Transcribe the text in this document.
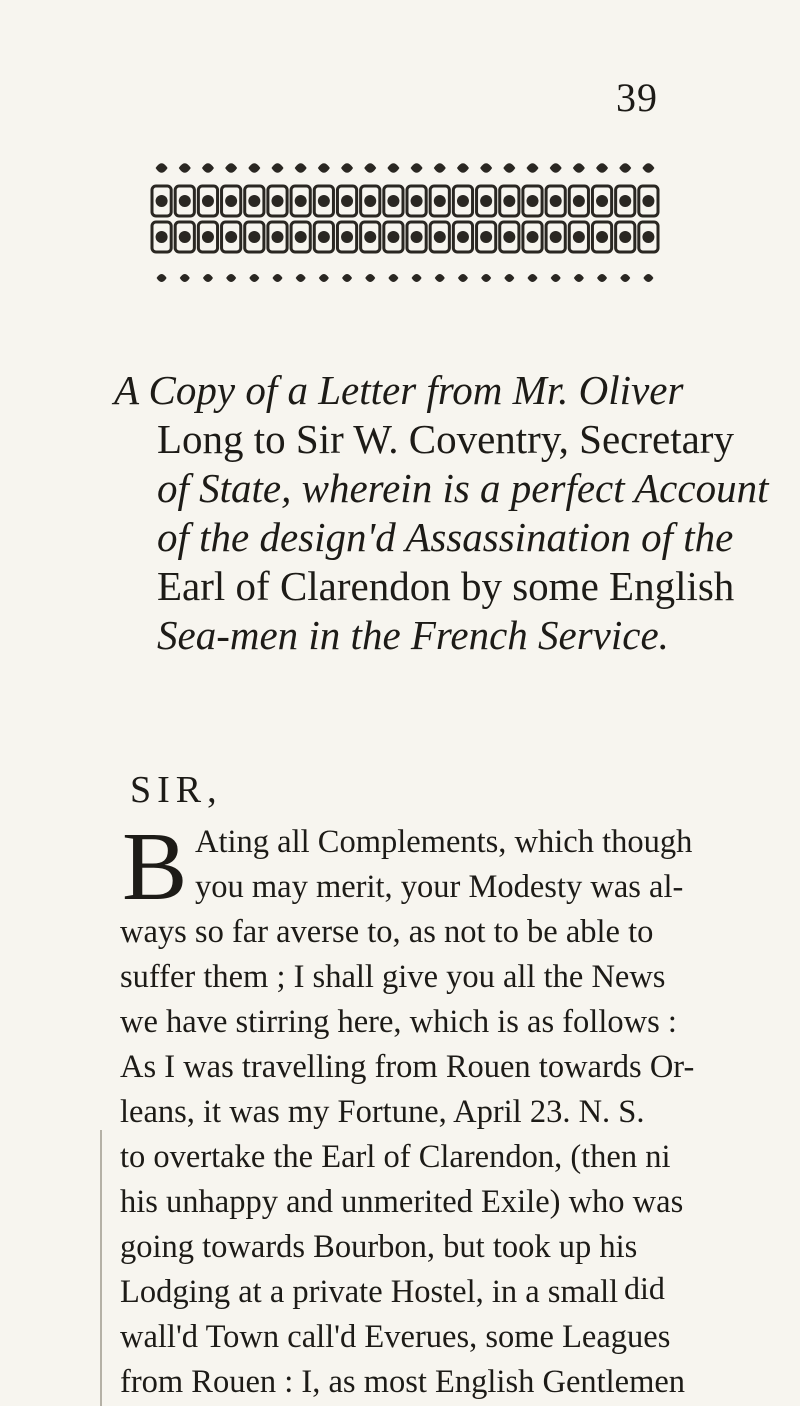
39
A Copy of a Letter from Mr. Oliver
Long to Sir W. Coventry, Secretary
of State, wherein is a perfect Account
of the design'd Assassination of the
Earl of Clarendon by some English
Sea-men in the French Service.
SIR,
B Ating all Complements, which though
you may merit, your Modesty was al-
ways so far averse to, as not to be able to
suffer them ; I shall give you all the News
we have stirring here, which is as follows :
As I was travelling from Rouen towards Or-
leans, it was my Fortune, April 23. N. S.
to overtake the Earl of Clarendon, (then ni
his unhappy and unmerited Exile) who was
going towards Bourbon, but took up his
Lodging at a private Hostel, in a small
wall'd Town call'd Everues, some Leagues
from Rouen : I, as most English Gentlemen
did
